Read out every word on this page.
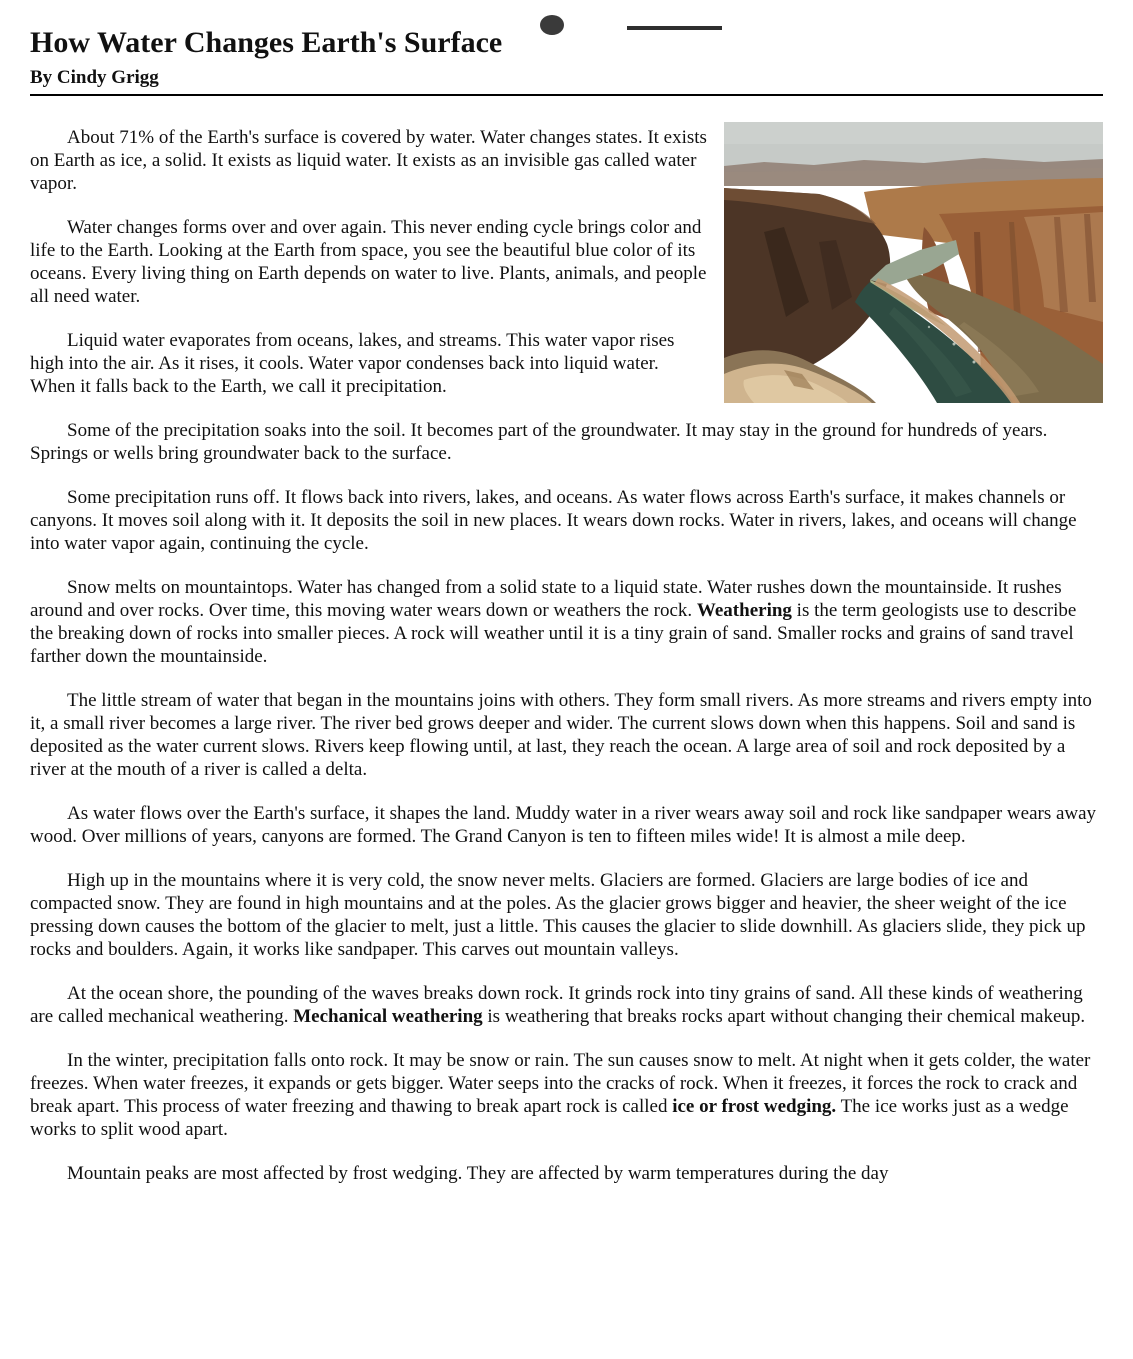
How Water Changes Earth's Surface
By Cindy Grigg

About 71% of the Earth's surface is covered by water. Water changes states. It exists on Earth as ice, a solid. It exists as liquid water. It exists as an invisible gas called water vapor.

Water changes forms over and over again. This never ending cycle brings color and life to the Earth. Looking at the Earth from space, you see the beautiful blue color of its oceans. Every living thing on Earth depends on water to live. Plants, animals, and people all need water.

Liquid water evaporates from oceans, lakes, and streams. This water vapor rises high into the air. As it rises, it cools. Water vapor condenses back into liquid water. When it falls back to the Earth, we call it precipitation.

Some of the precipitation soaks into the soil. It becomes part of the groundwater. It may stay in the ground for hundreds of years. Springs or wells bring groundwater back to the surface.

Some precipitation runs off. It flows back into rivers, lakes, and oceans. As water flows across Earth's surface, it makes channels or canyons. It moves soil along with it. It deposits the soil in new places. It wears down rocks. Water in rivers, lakes, and oceans will change into water vapor again, continuing the cycle.

Snow melts on mountaintops. Water has changed from a solid state to a liquid state. Water rushes down the mountainside. It rushes around and over rocks. Over time, this moving water wears down or weathers the rock. Weathering is the term geologists use to describe the breaking down of rocks into smaller pieces. A rock will weather until it is a tiny grain of sand. Smaller rocks and grains of sand travel farther down the mountainside.

The little stream of water that began in the mountains joins with others. They form small rivers. As more streams and rivers empty into it, a small river becomes a large river. The river bed grows deeper and wider. The current slows down when this happens. Soil and sand is deposited as the water current slows. Rivers keep flowing until, at last, they reach the ocean. A large area of soil and rock deposited by a river at the mouth of a river is called a delta.

As water flows over the Earth's surface, it shapes the land. Muddy water in a river wears away soil and rock like sandpaper wears away wood. Over millions of years, canyons are formed. The Grand Canyon is ten to fifteen miles wide! It is almost a mile deep.

High up in the mountains where it is very cold, the snow never melts. Glaciers are formed. Glaciers are large bodies of ice and compacted snow. They are found in high mountains and at the poles. As the glacier grows bigger and heavier, the sheer weight of the ice pressing down causes the bottom of the glacier to melt, just a little. This causes the glacier to slide downhill. As glaciers slide, they pick up rocks and boulders. Again, it works like sandpaper. This carves out mountain valleys.

At the ocean shore, the pounding of the waves breaks down rock. It grinds rock into tiny grains of sand. All these kinds of weathering are called mechanical weathering. Mechanical weathering is weathering that breaks rocks apart without changing their chemical makeup.

In the winter, precipitation falls onto rock. It may be snow or rain. The sun causes snow to melt. At night when it gets colder, the water freezes. When water freezes, it expands or gets bigger. Water seeps into the cracks of rock. When it freezes, it forces the rock to crack and break apart. This process of water freezing and thawing to break apart rock is called ice or frost wedging. The ice works just as a wedge works to split wood apart.

Mountain peaks are most affected by frost wedging. They are affected by warm temperatures during the day
